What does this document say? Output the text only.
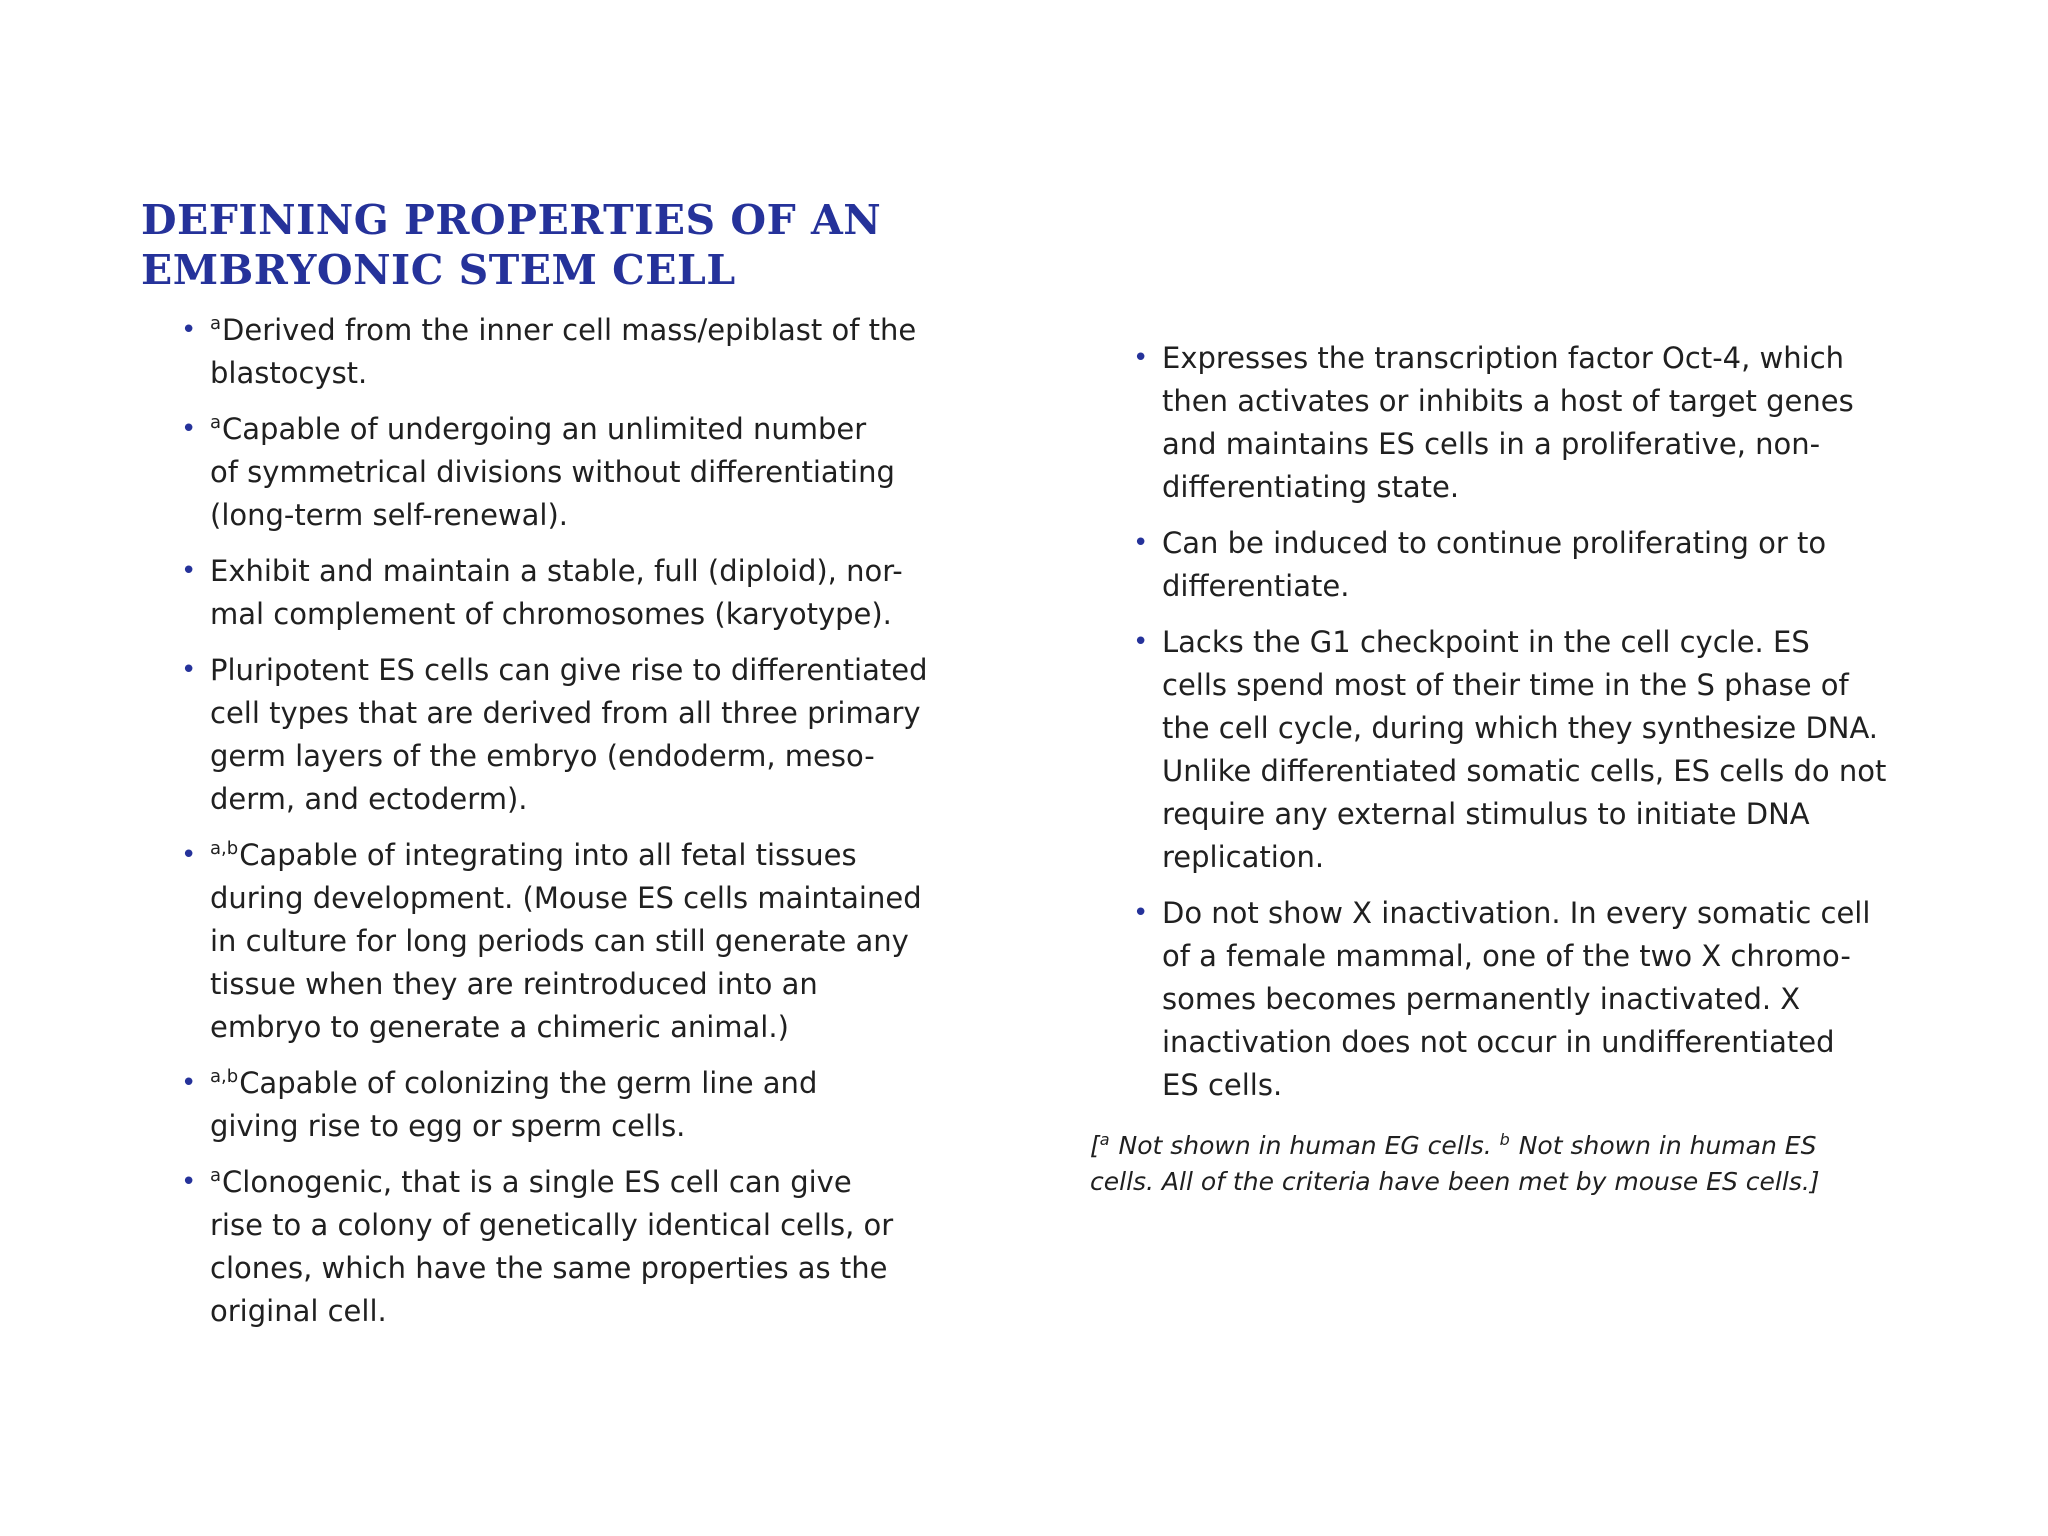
DEFINING PROPERTIES OF AN
EMBRYONIC STEM CELL
• $^a$Derived from the inner cell mass/epiblast of the
blastocyst.
• $^a$Capable of undergoing an unlimited number
of symmetrical divisions without differentiating
(long-term self-renewal).
• Exhibit and maintain a stable, full (diploid), nor-
mal complement of chromosomes (karyotype).
• Pluripotent ES cells can give rise to differentiated
cell types that are derived from all three primary
germ layers of the embryo (endoderm, meso-
derm, and ectoderm).
• $^{a,b}$Capable of integrating into all fetal tissues
during development. (Mouse ES cells maintained
in culture for long periods can still generate any
tissue when they are reintroduced into an
embryo to generate a chimeric animal.)
• $^{a,b}$Capable of colonizing the germ line and
giving rise to egg or sperm cells.
• $^a$Clonogenic, that is a single ES cell can give
rise to a colony of genetically identical cells, or
clones, which have the same properties as the
original cell.
• Expresses the transcription factor Oct-4, which
then activates or inhibits a host of target genes
and maintains ES cells in a proliferative, non-
differentiating state.
• Can be induced to continue proliferating or to
differentiate.
• Lacks the G1 checkpoint in the cell cycle. ES
cells spend most of their time in the S phase of
the cell cycle, during which they synthesize DNA.
Unlike differentiated somatic cells, ES cells do not
require any external stimulus to initiate DNA
replication.
• Do not show X inactivation. In every somatic cell
of a female mammal, one of the two X chromo-
somes becomes permanently inactivated. X
inactivation does not occur in undifferentiated
ES cells.
[$^a$ Not shown in human EG cells. $^b$ Not shown in human ES
cells. All of the criteria have been met by mouse ES cells.]
